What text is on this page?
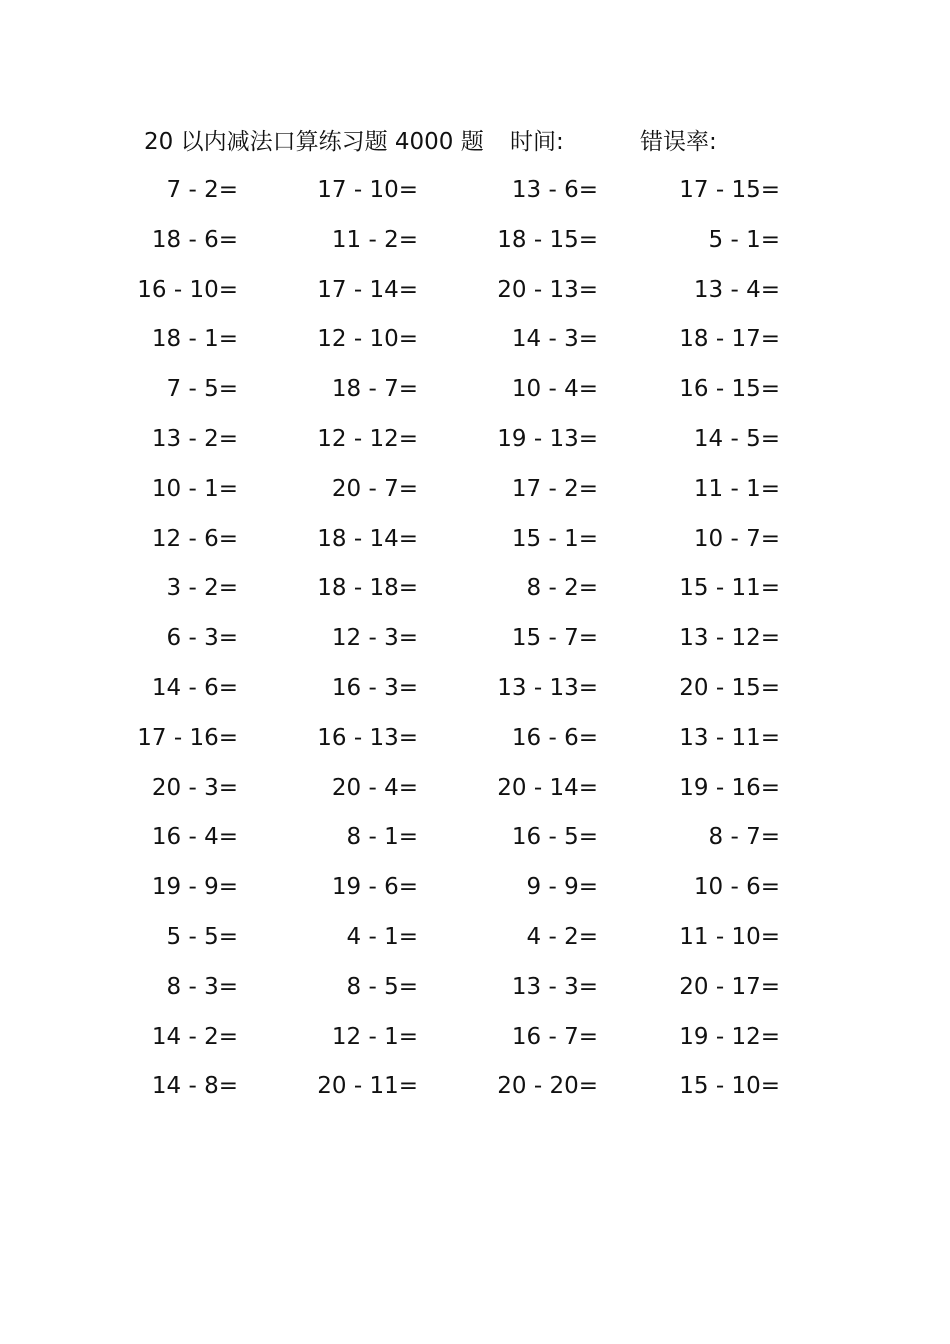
20 以内减法口算练习题 4000 题 时间:	错误率:
7 - 2=	17 - 10=	13 - 6=	17 - 15=
18 - 6=	11 - 2=	18 - 15=	5 - 1=
16 - 10=	17 - 14=	20 - 13=	13 - 4=
18 - 1=	12 - 10=	14 - 3=	18 - 17=
7 - 5=	18 - 7=	10 - 4=	16 - 15=
13 - 2=	12 - 12=	19 - 13=	14 - 5=
10 - 1=	20 - 7=	17 - 2=	11 - 1=
12 - 6=	18 - 14=	15 - 1=	10 - 7=
3 - 2=	18 - 18=	8 - 2=	15 - 11=
6 - 3=	12 - 3=	15 - 7=	13 - 12=
14 - 6=	16 - 3=	13 - 13=	20 - 15=
17 - 16=	16 - 13=	16 - 6=	13 - 11=
20 - 3=	20 - 4=	20 - 14=	19 - 16=
16 - 4=	8 - 1=	16 - 5=	8 - 7=
19 - 9=	19 - 6=	9 - 9=	10 - 6=
5 - 5=	4 - 1=	4 - 2=	11 - 10=
8 - 3=	8 - 5=	13 - 3=	20 - 17=
14 - 2=	12 - 1=	16 - 7=	19 - 12=
14 - 8=	20 - 11=	20 - 20=	15 - 10=
